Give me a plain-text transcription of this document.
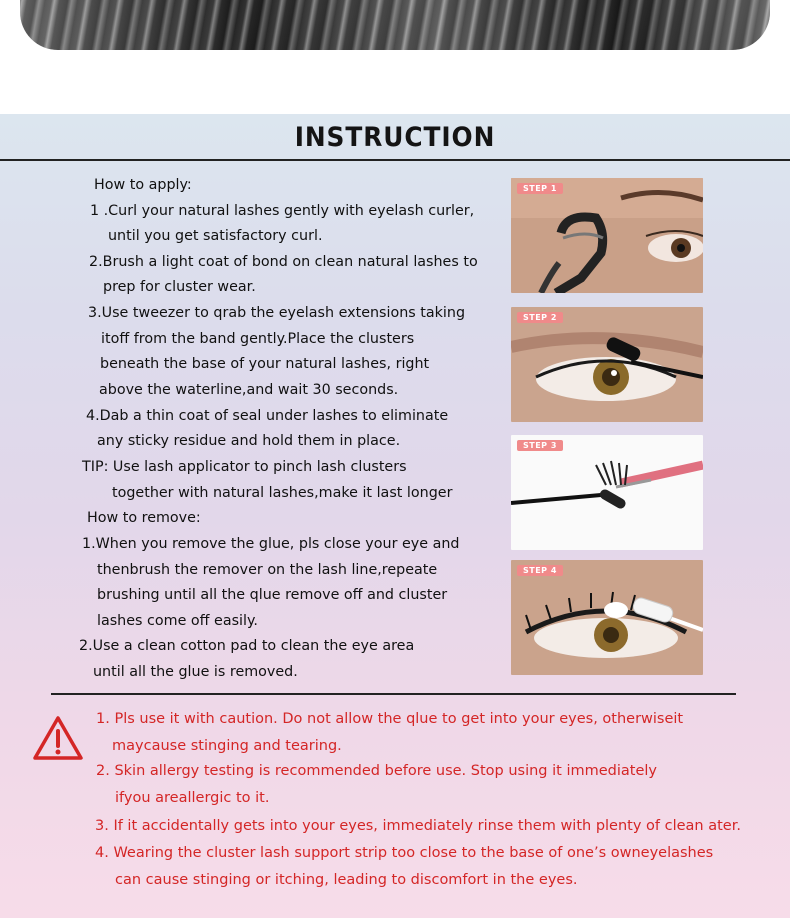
INSTRUCTION
How to apply:
1 .Curl your natural lashes gently with eyelash curler,
until you get satisfactory curl.
2.Brush a light coat of bond on clean natural lashes to
prep for cluster wear.
3.Use tweezer to qrab the eyelash extensions taking
itoff from the band gently.Place the clusters
beneath the base of your natural lashes, right
above the waterline,and wait 30 seconds.
4.Dab a thin coat of seal under lashes to eliminate
any sticky residue and hold them in place.
TIP: Use lash applicator to pinch lash clusters
together with natural lashes,make it last longer
How to remove:
1.When you remove the glue, pls close your eye and
thenbrush the remover on the lash line,repeate
brushing until all the qlue remove off and cluster
lashes come off easily.
2.Use a clean cotton pad to clean the eye area
until all the glue is removed.
STEP 1
STEP 2
STEP 3
STEP 4
1. Pls use it with caution. Do not allow the qlue to get into your eyes, otherwiseit
maycause stinging and tearing.
2. Skin allergy testing is recommended before use. Stop using it immediately
ifyou areallergic to it.
3. If it accidentally gets into your eyes, immediately rinse them with plenty of clean ater.
4. Wearing the cluster lash support strip too close to the base of one’s owneyelashes
can cause stinging or itching, leading to discomfort in the eyes.
